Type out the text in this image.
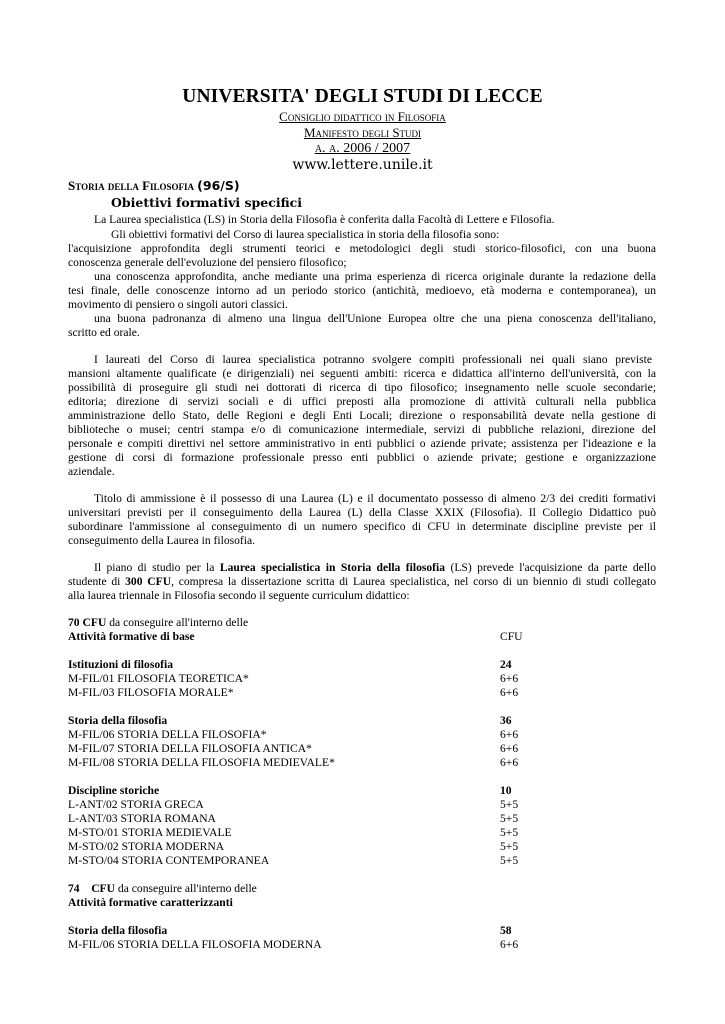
UNIVERSITA' DEGLI STUDI DI LECCE
Consiglio didattico in Filosofia
Manifesto degli Studi
a. a. 2006 / 2007
www.lettere.unile.it
Storia della Filosofia (96/S)
Obiettivi formativi specifici
La Laurea specialistica (LS) in Storia della Filosofia è conferita dalla Facoltà di Lettere e Filosofia.
Gli obiettivi formativi del Corso di laurea specialistica in storia della filosofia sono:
l'acquisizione approfondita degli strumenti teorici e metodologici degli studi storico-filosofici, con una buona
conoscenza generale dell'evoluzione del pensiero filosofico;
una conoscenza approfondita, anche mediante una prima esperienza di ricerca originale durante la redazione della
tesi finale, delle conoscenze intorno ad un periodo storico (antichità, medioevo, età moderna e contemporanea), un
movimento di pensiero o singoli autori classici.
una buona padronanza di almeno una lingua dell'Unione Europea oltre che una piena conoscenza dell'italiano,
scritto ed orale.
I laureati del Corso di laurea specialistica potranno svolgere compiti professionali nei quali siano previste
mansioni altamente qualificate (e dirigenziali) nei seguenti ambiti: ricerca e didattica all'interno dell'università, con la
possibilità di proseguire gli studi nei dottorati di ricerca di tipo filosofico; insegnamento nelle scuole secondarie;
editoria; direzione di servizi sociali e di uffici preposti alla promozione di attività culturali nella pubblica
amministrazione dello Stato, delle Regioni e degli Enti Locali; direzione o responsabilità devate nella gestione di
biblioteche o musei; centri stampa e/o di comunicazione intermediale, servizi di pubbliche relazioni, direzione del
personale e compiti direttivi nel settore amministrativo in enti pubblici o aziende private; assistenza per l'ideazione e la
gestione di corsi di formazione professionale presso enti pubblici o aziende private; gestione e organizzazione
aziendale.
Titolo di ammissione è il possesso di una Laurea (L) e il documentato possesso di almeno 2/3 dei crediti formativi
universitari previsti per il conseguimento della Laurea (L) della Classe XXIX (Filosofia). Il Collegio Didattico può
subordinare l'ammissione al conseguimento di un numero specifico di CFU in determinate discipline previste per il
conseguimento della Laurea in filosofia.
Il piano di studio per la Laurea specialistica in Storia della filosofia (LS) prevede l'acquisizione da parte dello
studente di 300 CFU, compresa la dissertazione scritta di Laurea specialistica, nel corso di un biennio di studi collegato
alla laurea triennale in Filosofia secondo il seguente curriculum didattico:
70 CFU da conseguire all'interno delle
Attività formative di base	CFU
Istituzioni di filosofia	24
M-FIL/01 FILOSOFIA TEORETICA*	6+6
M-FIL/03 FILOSOFIA MORALE*	6+6
Storia della filosofia	36
M-FIL/06 STORIA DELLA FILOSOFIA*	6+6
M-FIL/07 STORIA DELLA FILOSOFIA ANTICA*	6+6
M-FIL/08 STORIA DELLA FILOSOFIA MEDIEVALE*	6+6
Discipline storiche	10
L-ANT/02 STORIA GRECA	5+5
L-ANT/03 STORIA ROMANA	5+5
M-STO/01 STORIA MEDIEVALE	5+5
M-STO/02 STORIA MODERNA	5+5
M-STO/04 STORIA CONTEMPORANEA	5+5
74 CFU da conseguire all'interno delle
Attività formative caratterizzanti
Storia della filosofia	58
M-FIL/06 STORIA DELLA FILOSOFIA MODERNA	6+6
